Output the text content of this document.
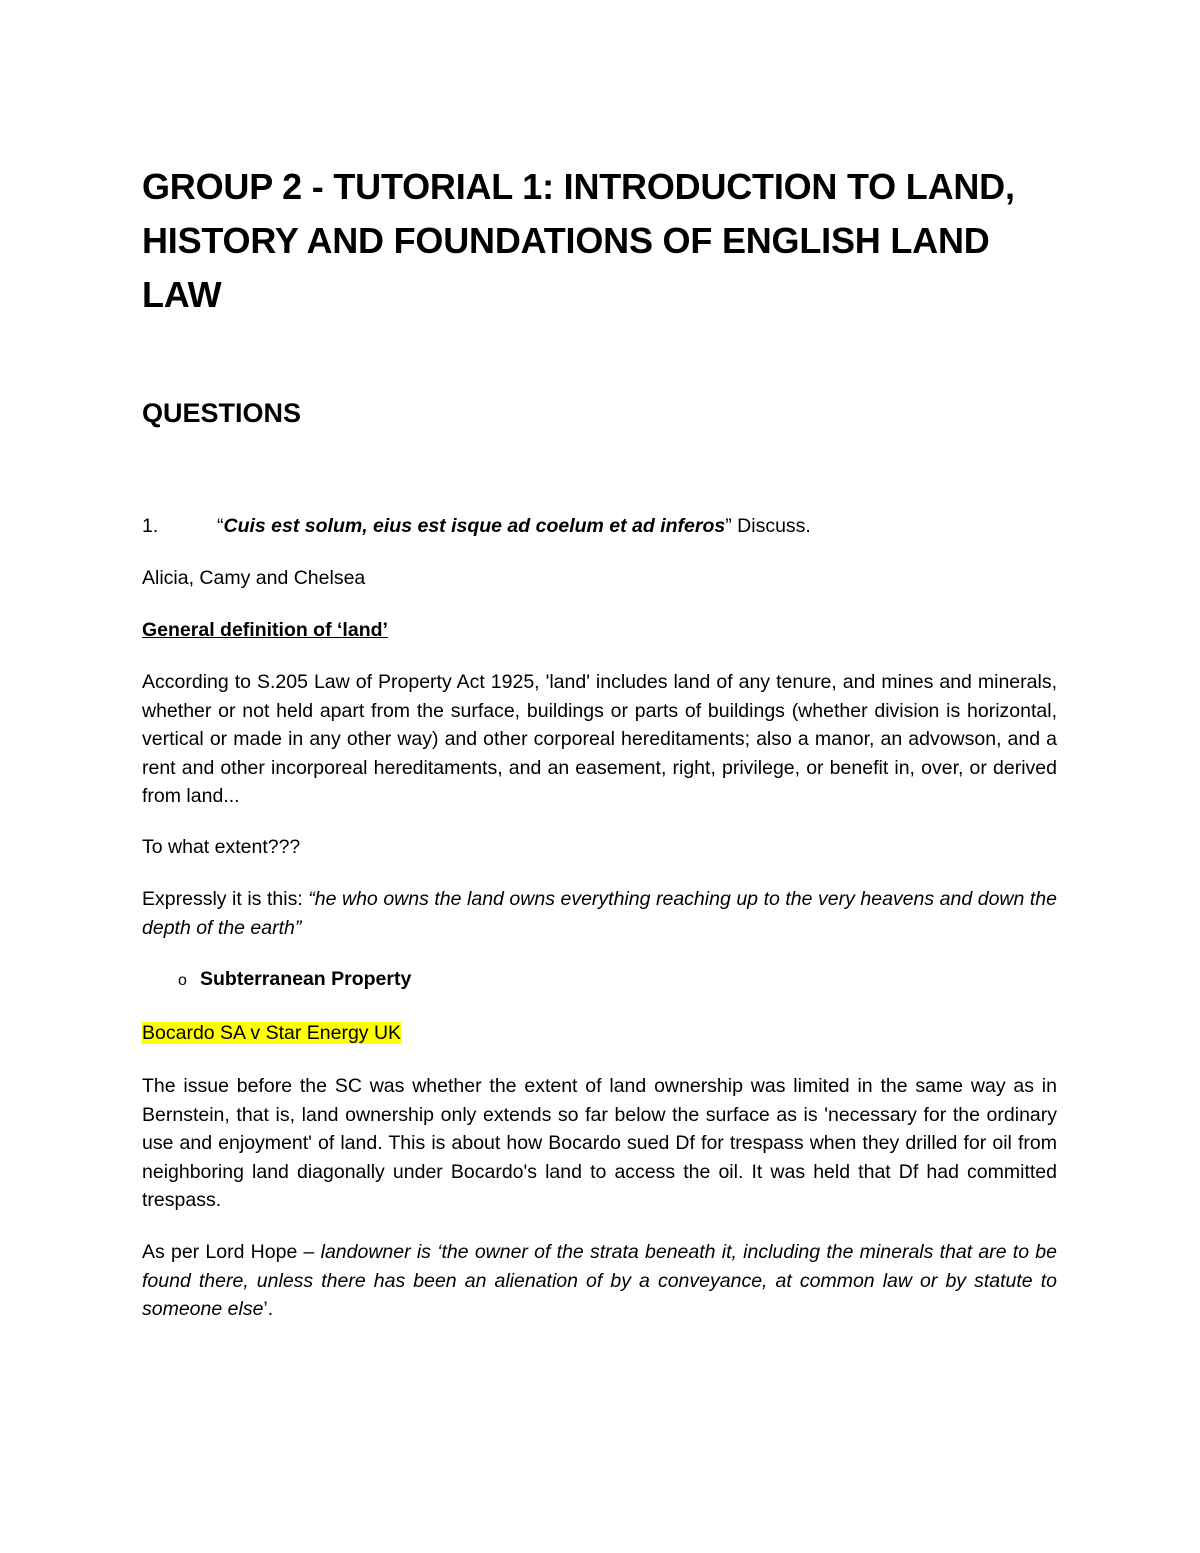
GROUP 2 - TUTORIAL 1: INTRODUCTION TO LAND, HISTORY AND FOUNDATIONS OF ENGLISH LAND LAW
QUESTIONS

1.	“Cuis est solum, eius est isque ad coelum et ad inferos” Discuss.

Alicia, Camy and Chelsea

General definition of ‘land’

According to S.205 Law of Property Act 1925, 'land' includes land of any tenure, and mines and minerals, whether or not held apart from the surface, buildings or parts of buildings (whether division is horizontal, vertical or made in any other way) and other corporeal hereditaments; also a manor, an advowson, and a rent and other incorporeal hereditaments, and an easement, right, privilege, or benefit in, over, or derived from land...

To what extent???

Expressly it is this: “he who owns the land owns everything reaching up to the very heavens and down the depth of the earth”

o Subterranean Property

Bocardo SA v Star Energy UK

The issue before the SC was whether the extent of land ownership was limited in the same way as in Bernstein, that is, land ownership only extends so far below the surface as is 'necessary for the ordinary use and enjoyment' of land. This is about how Bocardo sued Df for trespass when they drilled for oil from neighboring land diagonally under Bocardo's land to access the oil. It was held that Df had committed trespass.

As per Lord Hope – landowner is ‘the owner of the strata beneath it, including the minerals that are to be found there, unless there has been an alienation of by a conveyance, at common law or by statute to someone else’.
